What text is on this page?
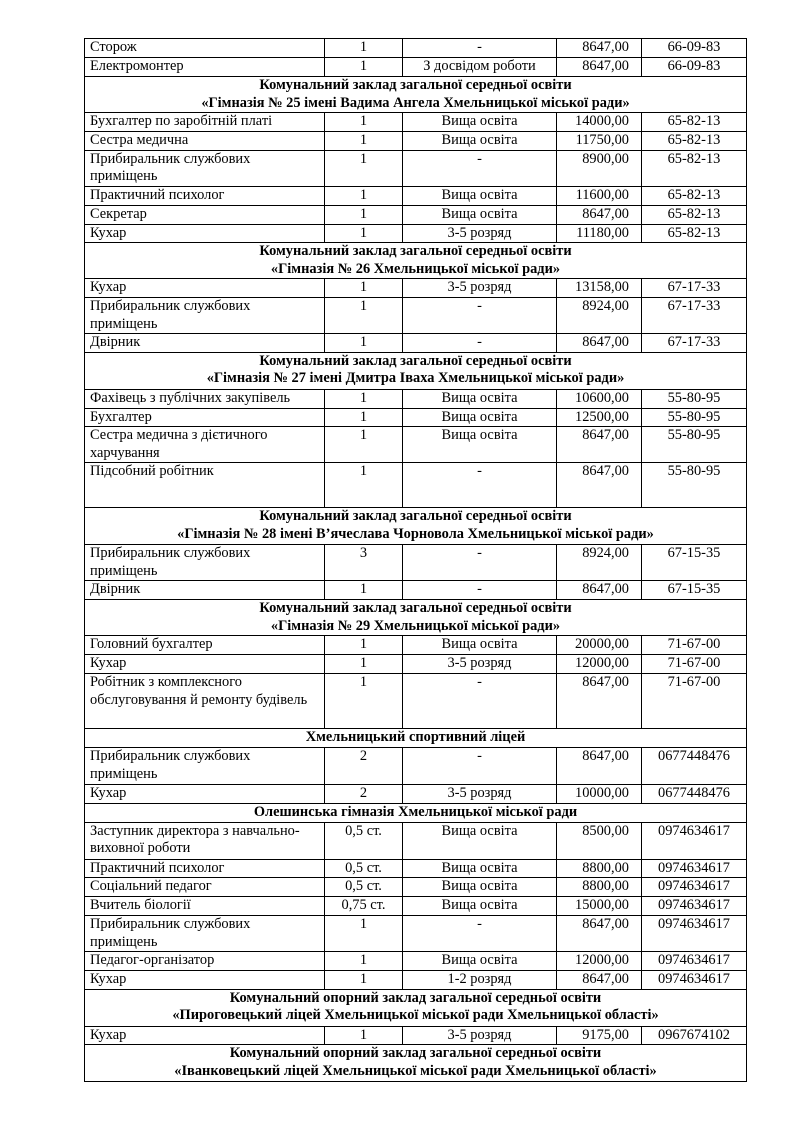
Сторож	1	-	8647,00	66-09-83
Електромонтер	1	З досвідом роботи	8647,00	66-09-83

Комунальний заклад загальної середньої освіти
«Гімназія № 25 імені Вадима Ангела Хмельницької міської ради»				

Бухгалтер по заробітній платі	1	Вища освіта	14000,00	65-82-13
Сестра медична	1	Вища освіта	11750,00	65-82-13
Прибиральник службових приміщень	1	-	8900,00	65-82-13
Практичний психолог	1	Вища освіта	11600,00	65-82-13
Секретар	1	Вища освіта	8647,00	65-82-13
Кухар	1	3-5 розряд	11180,00	65-82-13

Комунальний заклад загальної середньої освіти
«Гімназія № 26 Хмельницької міської ради»				

Кухар	1	3-5 розряд	13158,00	67-17-33
Прибиральник службових приміщень	1	-	8924,00	67-17-33
Двірник	1	-	8647,00	67-17-33

Комунальний заклад загальної середньої освіти
«Гімназія № 27 імені Дмитра Іваха Хмельницької міської ради»				

Фахівець з публічних закупівель	1	Вища освіта	10600,00	55-80-95
Бухгалтер	1	Вища освіта	12500,00	55-80-95
Сестра медична з дієтичного харчування	1	Вища освіта	8647,00	55-80-95
Підсобний робітник	1	-	8647,00	55-80-95

Комунальний заклад загальної середньої освіти
«Гімназія № 28 імені В’ячеслава Чорновола Хмельницької міської ради»				

Прибиральник службових приміщень	3	-	8924,00	67-15-35
Двірник	1	-	8647,00	67-15-35

Комунальний заклад загальної середньої освіти
«Гімназія № 29 Хмельницької міської ради»				

Головний бухгалтер	1	Вища освіта	20000,00	71-67-00
Кухар	1	3-5 розряд	12000,00	71-67-00
Робітник з комплексного обслуговування й ремонту будівель	1	-	8647,00	71-67-00

Хмельницький спортивний ліцей				

Прибиральник службових приміщень	2	-	8647,00	0677448476
Кухар	2	3-5 розряд	10000,00	0677448476

Олешинська гімназія Хмельницької міської ради				

Заступник директора з навчально-виховної роботи	0,5 ст.	Вища освіта	8500,00	0974634617
Практичний психолог	0,5 ст.	Вища освіта	8800,00	0974634617
Соціальний педагог	0,5 ст.	Вища освіта	8800,00	0974634617
Вчитель біології	0,75 ст.	Вища освіта	15000,00	0974634617
Прибиральник службових приміщень	1	-	8647,00	0974634617
Педагог-організатор	1	Вища освіта	12000,00	0974634617
Кухар	1	1-2 розряд	8647,00	0974634617

Комунальний опорний заклад загальної середньої освіти
«Пироговецький ліцей Хмельницької міської ради Хмельницької області»				

Кухар	1	3-5 розряд	9175,00	0967674102

Комунальний опорний заклад загальної середньої освіти
«Іванковецький ліцей Хмельницької міської ради Хмельницької області»				
